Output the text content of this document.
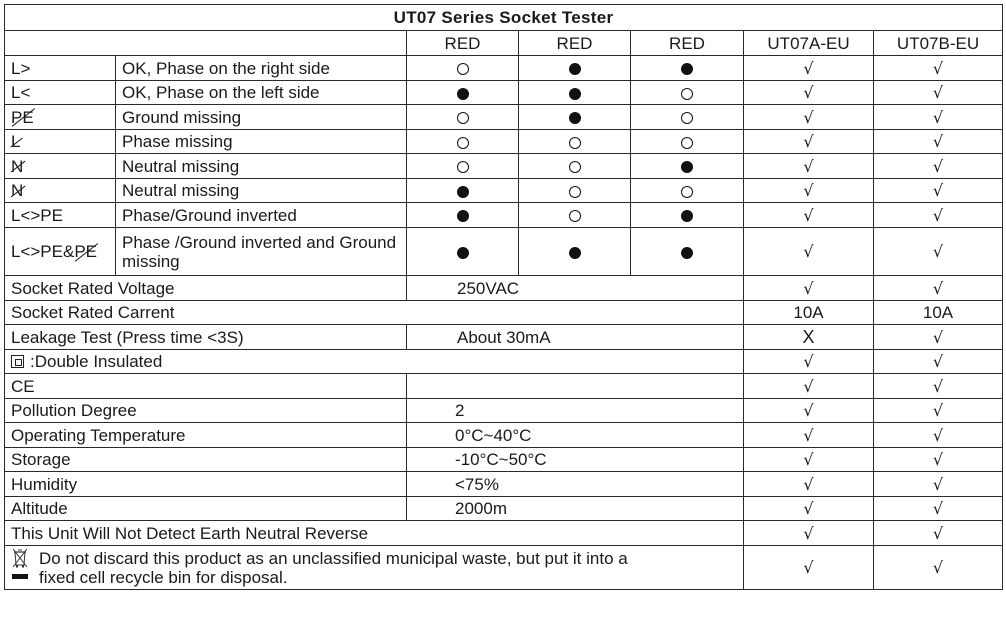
UT07 Series Socket Tester						
		RED	RED	RED	UT07A-EU	UT07B-EU
L>	OK, Phase on the right side				√	√
L<	OK, Phase on the left side				√	√
PE	Ground missing				√	√
L	Phase missing				√	√
N	Neutral missing				√	√
N	Neutral missing				√	√
L<>PE	Phase/Ground inverted				√	√
L<>PE&PE	Phase /Ground inverted and Ground missing				√	√
Socket Rated Voltage		250VAC			√	√
Socket Rated Carrent					10A	10A
Leakage Test (Press time <3S)		About 30mA			X	√
:Double Insulated					√	√
CE					√	√
Pollution Degree		2			√	√
Operating Temperature		0°C~40°C			√	√
Storage		-10°C~50°C			√	√
Humidity		<75%			√	√
Altitude		2000m			√	√
This Unit Will Not Detect Earth Neutral Reverse					√	√
Do not discard this product as an unclassified municipal waste, but put it into a fixed cell recycle bin for disposal.					√	√
